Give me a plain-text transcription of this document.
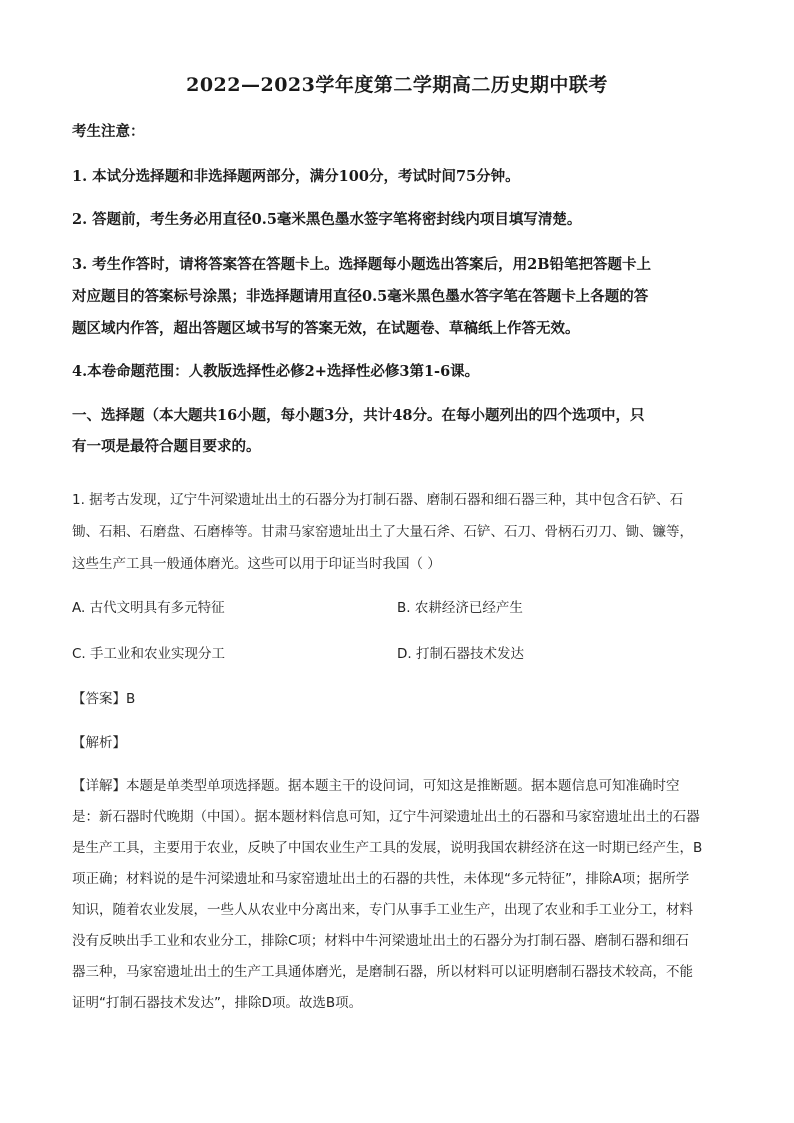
2022—2023学年度第二学期高二历史期中联考
考生注意：
1. 本试分选择题和非选择题两部分，满分100分，考试时间75分钟。
2. 答题前，考生务必用直径0.5毫米黑色墨水签字笔将密封线内项目填写清楚。
3. 考生作答时，请将答案答在答题卡上。选择题每小题选出答案后，用2B铅笔把答题卡上
对应题目的答案标号涂黑；非选择题请用直径0.5毫米黑色墨水答字笔在答题卡上各题的答
题区域内作答，超出答题区域书写的答案无效，在试题卷、草稿纸上作答无效。
4.本卷命题范围：人教版选择性必修2+选择性必修3第1-6课。
一、选择题（本大题共16小题，每小题3分，共计48分。在每小题列出的四个选项中，只
有一项是最符合题目要求的。
1. 据考古发现，辽宁牛河梁遗址出土的石器分为打制石器、磨制石器和细石器三种，其中包含石铲、石
锄、石耜、石磨盘、石磨棒等。甘肃马家窑遗址出土了大量石斧、石铲、石刀、骨柄石刃刀、锄、镰等，
这些生产工具一般通体磨光。这些可以用于印证当时我国（ ）
A. 古代文明具有多元特征	B. 农耕经济已经产生
C. 手工业和农业实现分工	D. 打制石器技术发达
【答案】B
【解析】
【详解】本题是单类型单项选择题。据本题主干的设问词，可知这是推断题。据本题信息可知准确时空
是：新石器时代晚期（中国）。据本题材料信息可知，辽宁牛河梁遗址出土的石器和马家窑遗址出土的石器
是生产工具，主要用于农业，反映了中国农业生产工具的发展，说明我国农耕经济在这一时期已经产生，B
项正确；材料说的是牛河梁遗址和马家窑遗址出土的石器的共性，未体现“多元特征”，排除A项；据所学
知识，随着农业发展，一些人从农业中分离出来，专门从事手工业生产，出现了农业和手工业分工，材料
没有反映出手工业和农业分工，排除C项；材料中牛河梁遗址出土的石器分为打制石器、磨制石器和细石
器三种，马家窑遗址出土的生产工具通体磨光，是磨制石器，所以材料可以证明磨制石器技术较高，不能
证明“打制石器技术发达”，排除D项。故选B项。
